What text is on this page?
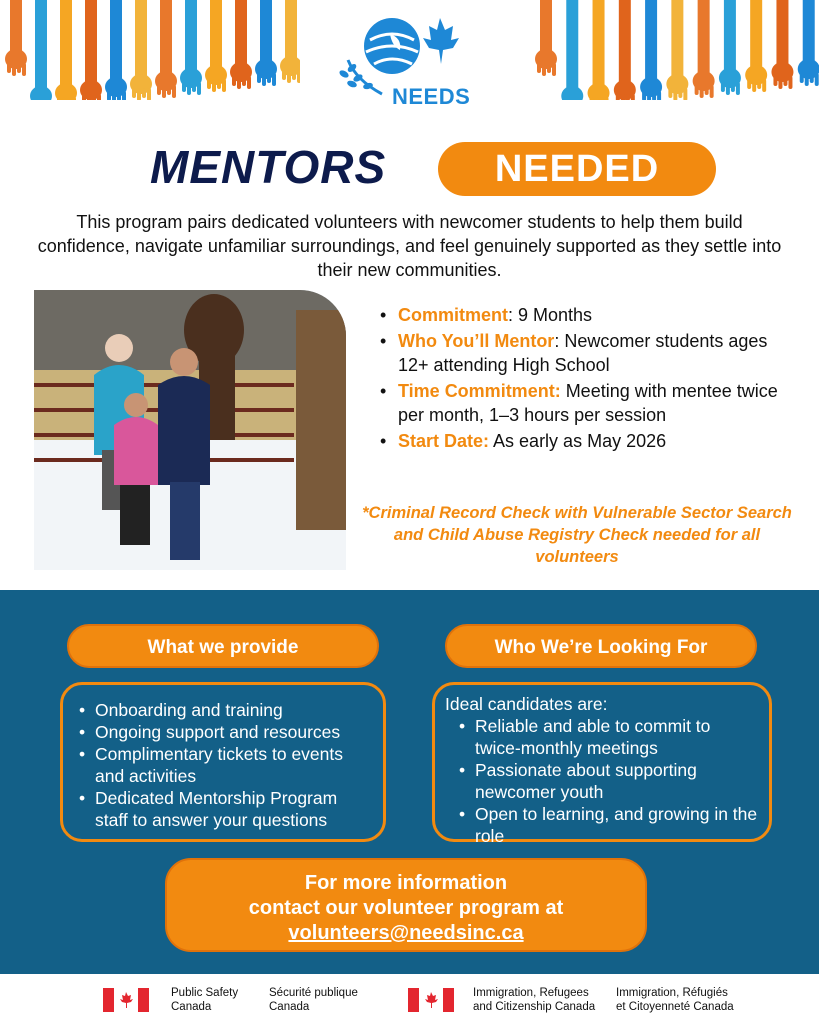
NEEDS
MENTORS	NEEDED
This program pairs dedicated volunteers with newcomer students to help them build confidence, navigate unfamiliar surroundings, and feel genuinely supported as they settle into their new communities.
• Commitment: 9 Months
• Who You’ll Mentor: Newcomer students ages 12+ attending High School
• Time Commitment: Meeting with mentee twice per month, 1–3 hours per session
• Start Date: As early as May 2026
*Criminal Record Check with Vulnerable Sector Search and Child Abuse Registry Check needed for all volunteers
What we provide	Who We’re Looking For
• Onboarding and training
• Ongoing support and resources
• Complimentary tickets to events and activities
• Dedicated Mentorship Program staff to answer your questions
Ideal candidates are:
• Reliable and able to commit to twice-monthly meetings
• Passionate about supporting newcomer youth
• Open to learning, and growing in the role
For more information
contact our volunteer program at
volunteers@needsinc.ca
Public Safety
Canada
Sécurité publique
Canada
Immigration, Refugees
and Citizenship Canada
Immigration, Réfugiés
et Citoyenneté Canada
